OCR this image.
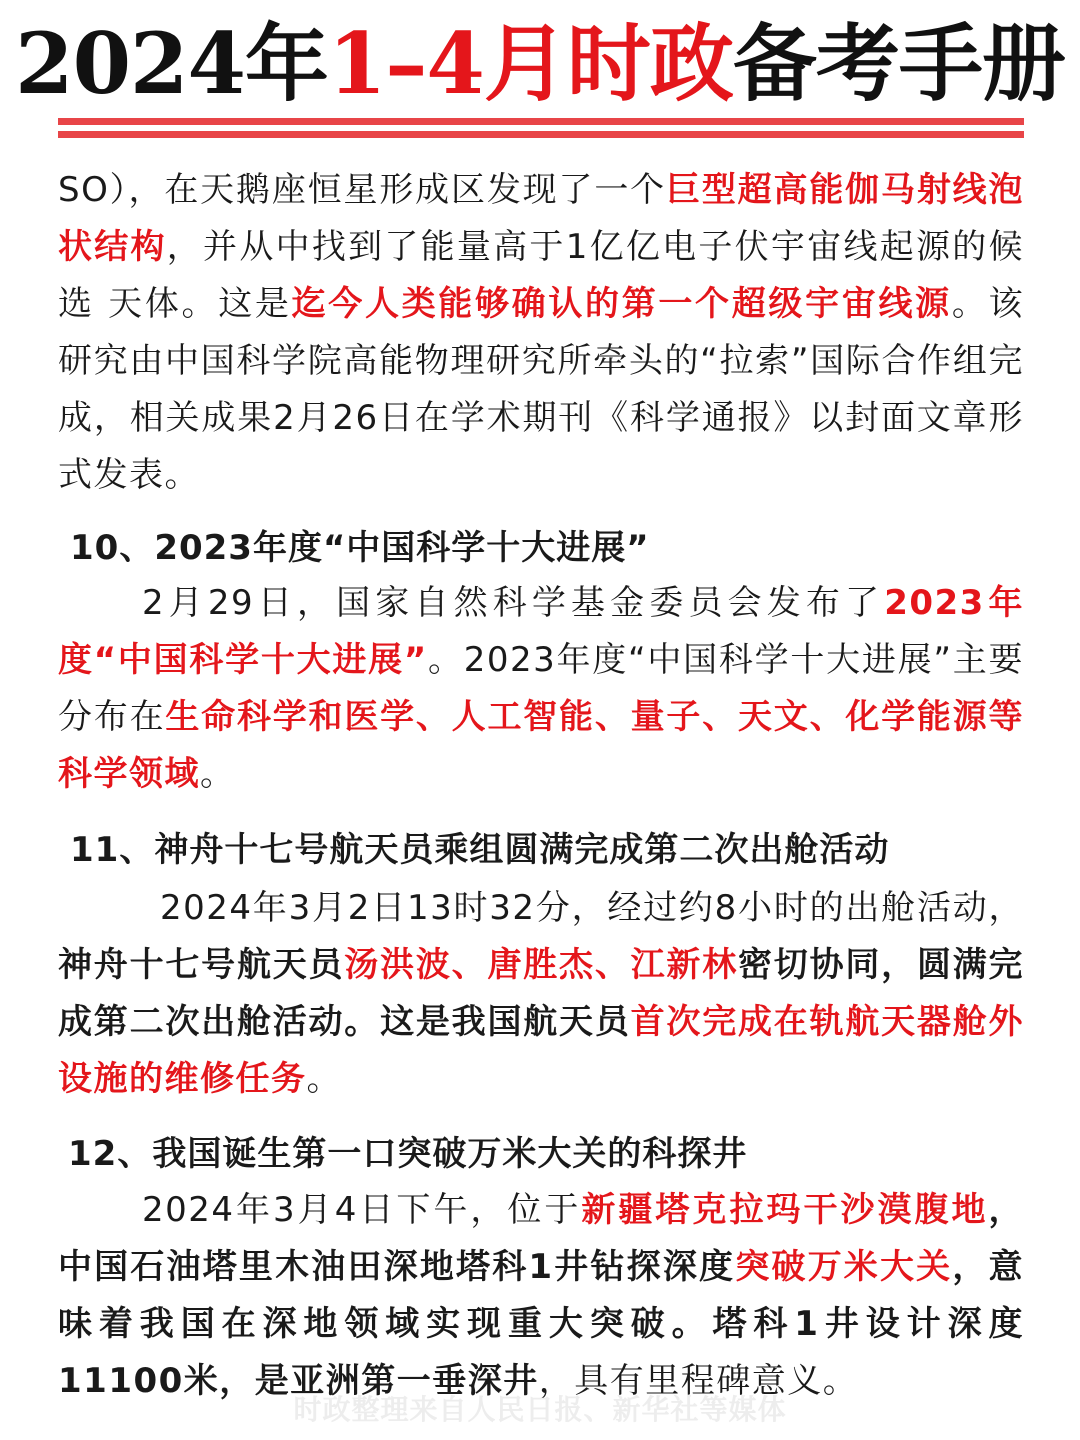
2024年1–4月时政备考手册
SO），在天鹅座恒星形成区发现了一个巨型超高能伽马射线泡状结构，并从中找到了能量高于1亿亿电子伏宇宙线起源的候选 天体。这是迄今人类能够确认的第一个超级宇宙线源。该研究由中国科学院高能物理研究所牵头的“拉索”国际合作组完成，相关成果2月26日在学术期刊《科学通报》以封面文章形式发表。
10、2023年度“中国科学十大进展”
2月29日，国家自然科学基金委员会发布了2023年度“中国科学十大进展”。2023年度“中国科学十大进展”主要分布在生命科学和医学、人工智能、量子、天文、化学能源等科学领域。
11、神舟十七号航天员乘组圆满完成第二次出舱活动
2024年3月2日13时32分，经过约8小时的出舱活动，神舟十七号航天员汤洪波、唐胜杰、江新林密切协同，圆满完成第二次出舱活动。这是我国航天员首次完成在轨航天器舱外设施的维修任务。
12、我国诞生第一口突破万米大关的科探井
2024年3月4日下午，位于新疆塔克拉玛干沙漠腹地，中国石油塔里木油田深地塔科1井钻探深度突破万米大关，意味着我国在深地领域实现重大突破。塔科1井设计深度11100米，是亚洲第一垂深井，具有里程碑意义。
时政整理来自人民日报、新华社等媒体
